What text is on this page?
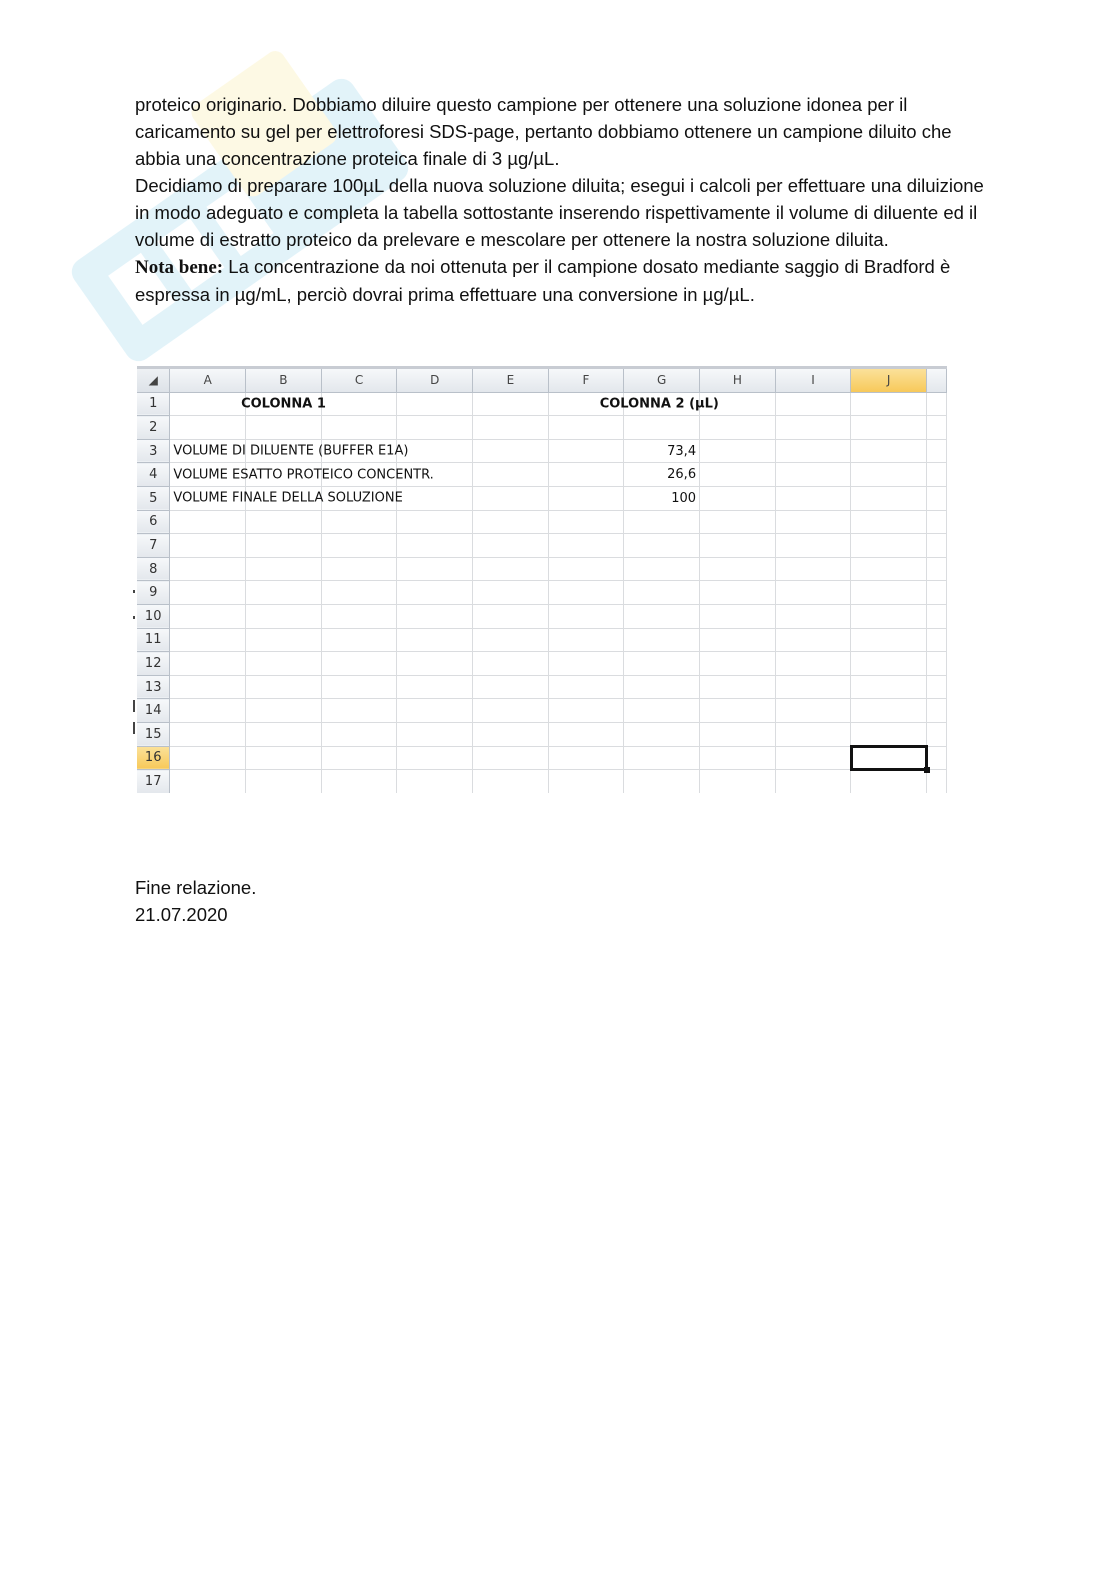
proteico originario. Dobbiamo diluire questo campione per ottenere una soluzione idonea per il caricamento su gel per elettroforesi SDS-page, pertanto dobbiamo ottenere un campione diluito che abbia una concentrazione proteica finale di 3 µg/µL.

Decidiamo di preparare 100µL della nuova soluzione diluita; esegui i calcoli per effettuare una diluizione in modo adeguato e completa la tabella sottostante inserendo rispettivamente il volume di diluente ed il volume di estratto proteico da prelevare e mescolare per ottenere la nostra soluzione diluita.

Nota bene: La concentrazione da noi ottenuta per il campione dosato mediante saggio di Bradford è espressa in µg/mL, perciò dovrai prima effettuare una conversione in µg/µL.

◢	A	B	C	D	E	F	G	H	I	J	
1		COLONNA 1				COLONNA 2 (µL)					

2											
3	VOLUME DI DILUENTE (BUFFER E1A)						73,4				

4	VOLUME ESATTO PROTEICO CONCENTR.						26,6				

5	VOLUME FINALE DELLA SOLUZIONE						100				

6											
7											
8											
9											
10											
11											
12											
13											
14											
15											
16											
17											

Fine relazione.

21.07.2020
